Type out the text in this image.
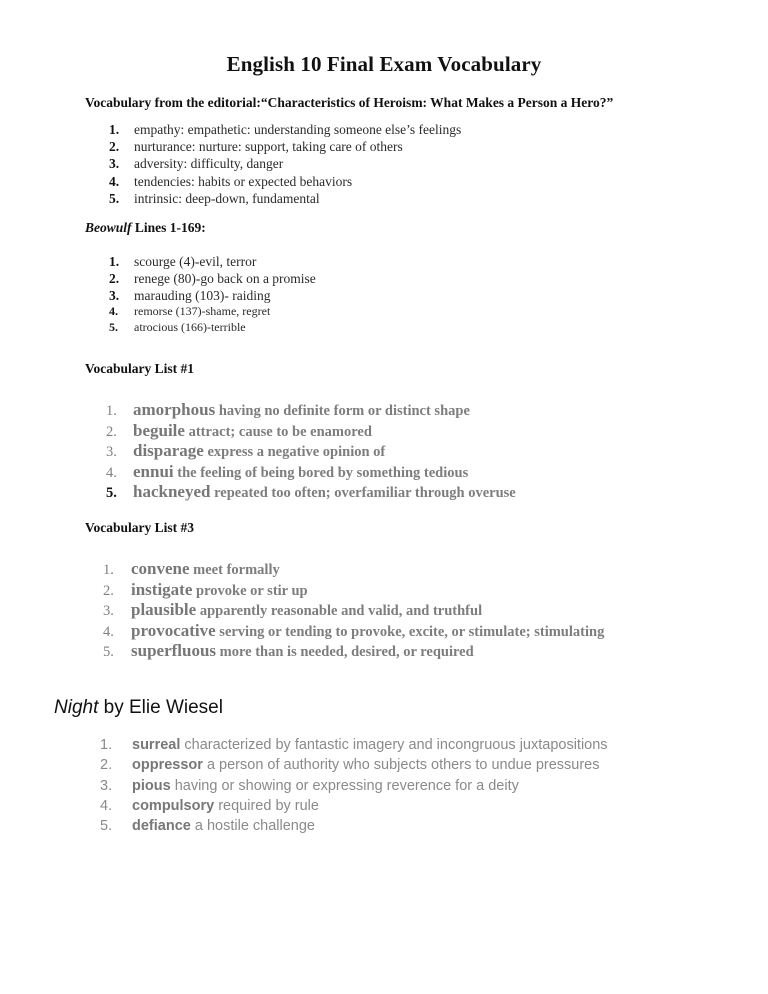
English 10 Final Exam Vocabulary
Vocabulary from the editorial:“Characteristics of Heroism: What Makes a Person a Hero?”
1. empathy: empathetic: understanding someone else’s feelings
2. nurturance: nurture: support, taking care of others
3. adversity: difficulty, danger
4. tendencies: habits or expected behaviors
5. intrinsic: deep-down, fundamental
Beowulf Lines 1-169:
1. scourge (4)-evil, terror
2. renege (80)-go back on a promise
3. marauding (103)- raiding
4. remorse (137)-shame, regret
5. atrocious (166)-terrible
Vocabulary List #1
1. amorphous having no definite form or distinct shape
2. beguile attract; cause to be enamored
3. disparage express a negative opinion of
4. ennui the feeling of being bored by something tedious
5. hackneyed repeated too often; overfamiliar through overuse
Vocabulary List #3
1. convene meet formally
2. instigate provoke or stir up
3. plausible apparently reasonable and valid, and truthful
4. provocative serving or tending to provoke, excite, or stimulate; stimulating
5. superfluous more than is needed, desired, or required
Night by Elie Wiesel
1. surreal characterized by fantastic imagery and incongruous juxtapositions
2. oppressor a person of authority who subjects others to undue pressures
3. pious having or showing or expressing reverence for a deity
4. compulsory required by rule
5. defiance a hostile challenge
